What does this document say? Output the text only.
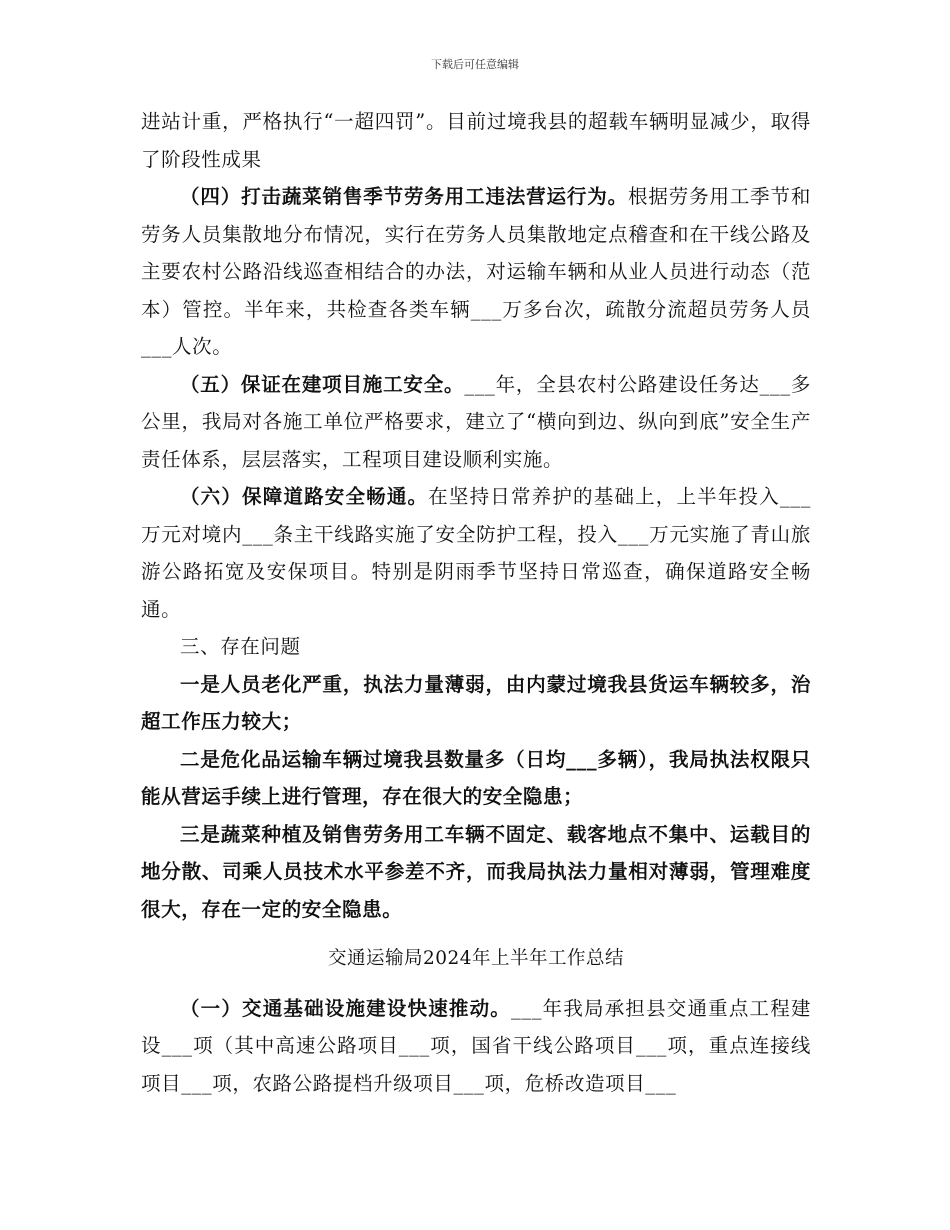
下载后可任意编辑

进站计重，严格执行“一超四罚”。目前过境我县的超载车辆明显减少，取得了阶段性成果

（四）打击蔬菜销售季节劳务用工违法营运行为。根据劳务用工季节和劳务人员集散地分布情况，实行在劳务人员集散地定点稽查和在干线公路及主要农村公路沿线巡查相结合的办法，对运输车辆和从业人员进行动态（范本）管控。半年来，共检查各类车辆___万多台次，疏散分流超员劳务人员___人次。

（五）保证在建项目施工安全。___年，全县农村公路建设任务达___多公里，我局对各施工单位严格要求，建立了“横向到边、纵向到底”安全生产责任体系，层层落实，工程项目建设顺利实施。

（六）保障道路安全畅通。在坚持日常养护的基础上，上半年投入___万元对境内___条主干线路实施了安全防护工程，投入___万元实施了青山旅游公路拓宽及安保项目。特别是阴雨季节坚持日常巡查，确保道路安全畅通。

三、存在问题

一是人员老化严重，执法力量薄弱，由内蒙过境我县货运车辆较多，治超工作压力较大；

二是危化品运输车辆过境我县数量多（日均___多辆），我局执法权限只能从营运手续上进行管理，存在很大的安全隐患；

三是蔬菜种植及销售劳务用工车辆不固定、载客地点不集中、运载目的地分散、司乘人员技术水平参差不齐，而我局执法力量相对薄弱，管理难度很大，存在一定的安全隐患。

交通运输局2024年上半年工作总结

（一）交通基础设施建设快速推动。___年我局承担县交通重点工程建设___项（其中高速公路项目___项，国省干线公路项目___项，重点连接线项目___项，农路公路提档升级项目___项，危桥改造项目___
